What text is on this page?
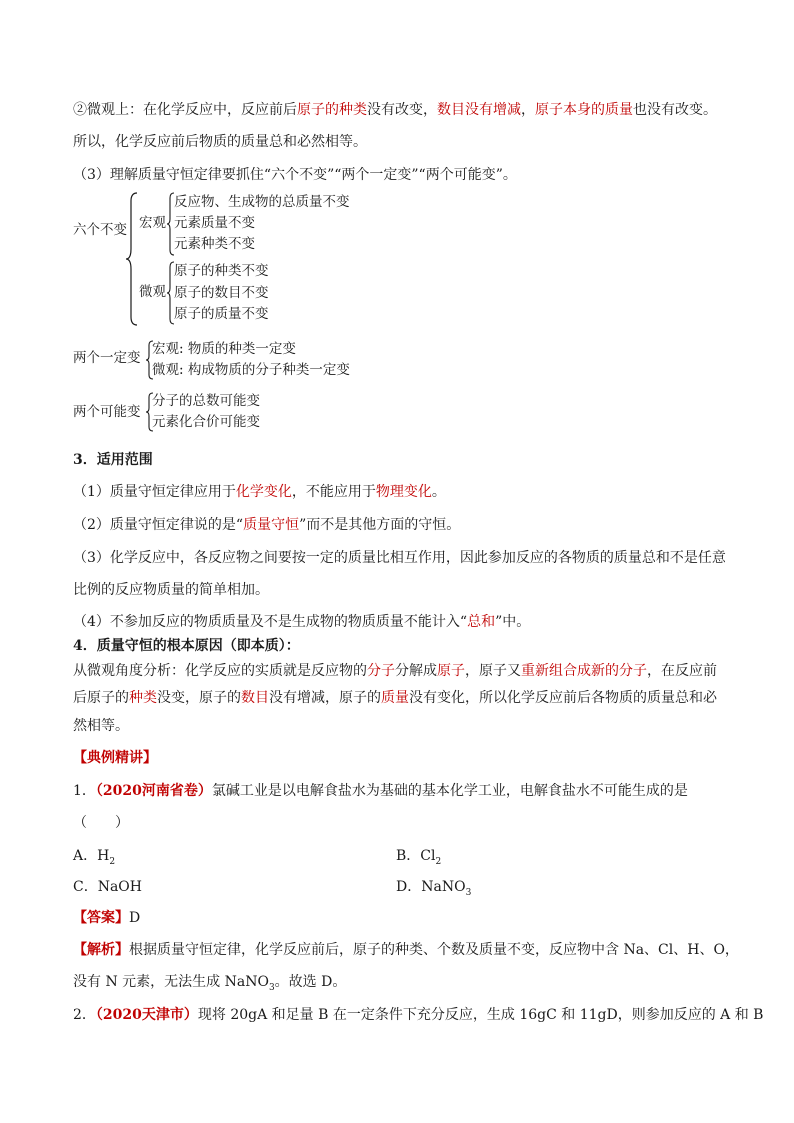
②微观上：在化学反应中，反应前后原子的种类没有改变，数目没有增减，原子本身的质量也没有改变。
所以，化学反应前后物质的质量总和必然相等。
（3）理解质量守恒定律要抓住“六个不变”“两个一定变”“两个可能变”。
六个不变 宏观
反应物、生成物的总质量不变
元素质量不变
元素种类不变
微观
原子的种类不变
原子的数目不变
原子的质量不变
两个一定变
宏观: 物质的种类一定变
微观: 构成物质的分子种类一定变
两个可能变
分子的总数可能变
元素化合价可能变
3．适用范围
（1）质量守恒定律应用于化学变化，不能应用于物理变化。
（2）质量守恒定律说的是“质量守恒”而不是其他方面的守恒。
（3）化学反应中，各反应物之间要按一定的质量比相互作用，因此参加反应的各物质的质量总和不是任意
比例的反应物质量的简单相加。
（4）不参加反应的物质质量及不是生成物的物质质量不能计入“总和”中。
4．质量守恒的根本原因（即本质）：
从微观角度分析：化学反应的实质就是反应物的分子分解成原子，原子又重新组合成新的分子，在反应前
后原子的种类没变，原子的数目没有增减，原子的质量没有变化，所以化学反应前后各物质的质量总和必
然相等。
【典例精讲】
1．（2020河南省卷）氯碱工业是以电解食盐水为基础的基本化学工业，电解食盐水不可能生成的是
（　　）
A．$H_2$	B．$Cl_2$
C．NaOH	D．NaNO$_3$
【答案】D
【解析】根据质量守恒定律，化学反应前后，原子的种类、个数及质量不变，反应物中含 Na、Cl、H、O，
没有 N 元素，无法生成 NaNO$_3$。故选 D。
2．（2020天津市）现将 20gA 和足量 B 在一定条件下充分反应，生成 16gC 和 11gD，则参加反应的 A 和 B
